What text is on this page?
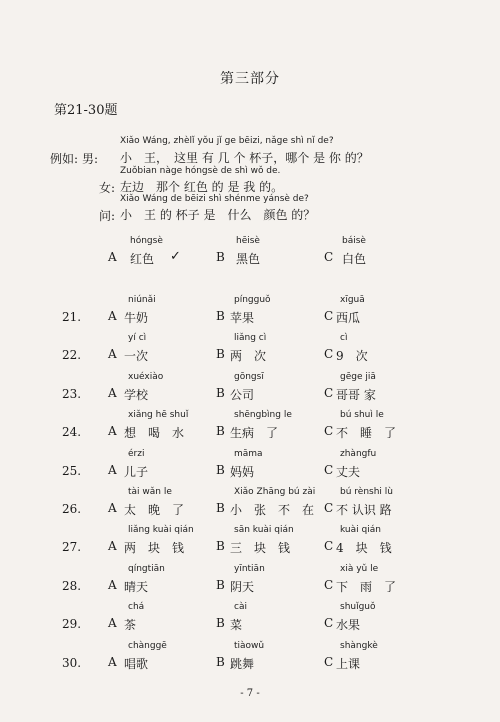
第三部分
第21-30题
例如: 男:
Xiǎo Wáng, zhèlǐ yǒu jǐ ge bēizi, nǎge shì nǐ de?
小　王，　这里 有 几 个 杯子，哪个 是 你 的？
女:
Zuǒbian nàge hóngsè de shì wǒ de.
左边　那个 红色 的 是 我 的。
问:
Xiǎo Wáng de bēizi shì shénme yánsè de?
小　王 的 杯子 是　什么　颜色 的？
hóngsè
A 红色 ✓
hēisè
B 黑色
báisè
C 白色
21.
niúnǎi
A 牛奶
píngguǒ
B 苹果
xīguā
C 西瓜
22.
yí cì
A 一次
liǎng cì
B 两　次
cì
C 9　次
23.
xuéxiào
A 学校
gōngsī
B 公司
gēge jiā
C 哥哥 家
24.
xiǎng hē shuǐ
A 想　喝　水
shēngbìng le
B 生病　了
bú shuì le
C 不　睡　了
25.
érzi
A 儿子
māma
B 妈妈
zhàngfu
C 丈夫
26.
tài wǎn le
A 太　晚　了
Xiǎo Zhāng bú zài
B 小　张　不　在
bú rènshi lù
C 不 认识 路
27.
liǎng kuài qián
A 两　块　钱
sān kuài qián
B 三　块　钱
kuài qián
C 4　块　钱
28.
qíngtiān
A 晴天
yīntiān
B 阴天
xià yǔ le
C 下　雨　了
29.
chá
A 茶
cài
B 菜
shuǐguǒ
C 水果
30.
chànggē
A 唱歌
tiàowǔ
B 跳舞
shàngkè
C 上课
- 7 -
